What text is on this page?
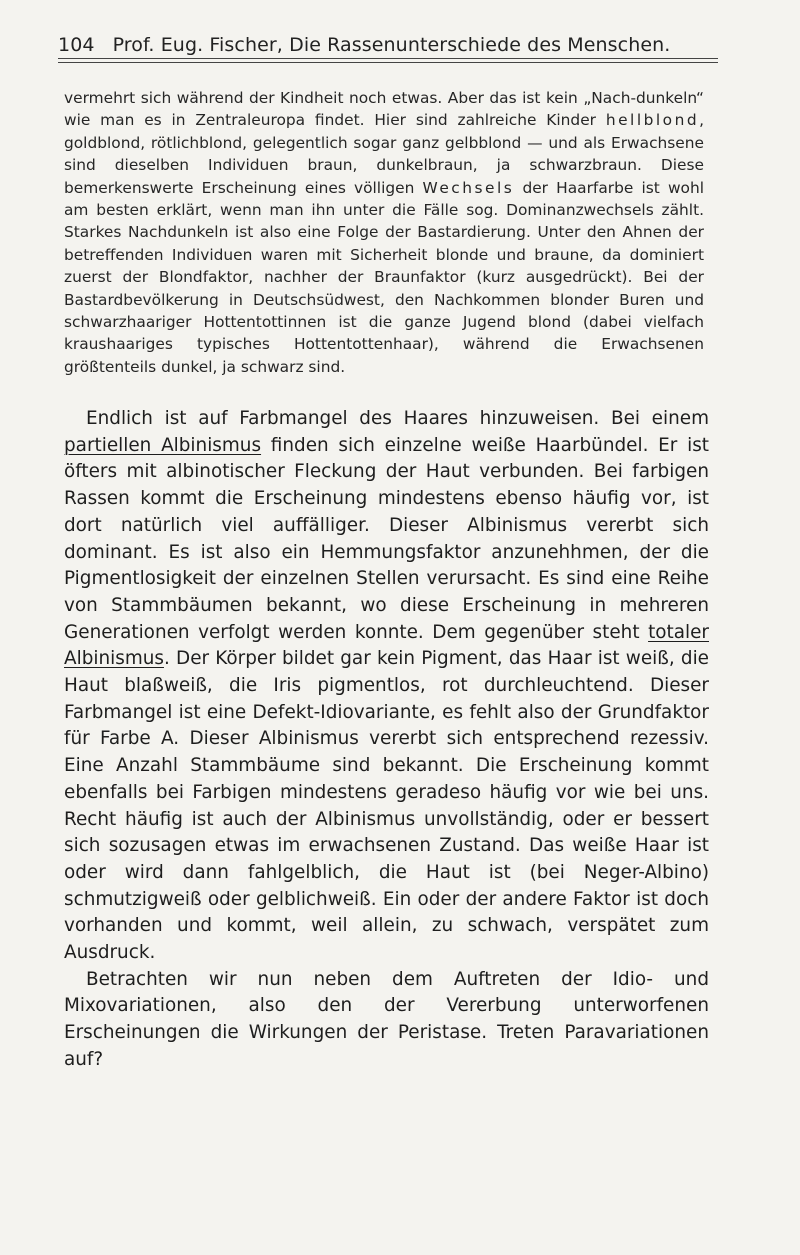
104 Prof. Eug. Fischer, Die Rassenunterschiede des Menschen.

vermehrt sich während der Kindheit noch etwas. Aber das ist kein „Nach-dunkeln“ wie man es in Zentraleuropa findet. Hier sind zahlreiche Kinder hellblond, goldblond, rötlichblond, gelegentlich sogar ganz gelbblond — und als Erwachsene sind dieselben Individuen braun, dunkelbraun, ja schwarzbraun. Diese bemerkenswerte Erscheinung eines völligen Wechsels der Haarfarbe ist wohl am besten erklärt, wenn man ihn unter die Fälle sog. Dominanzwechsels zählt. Starkes Nachdunkeln ist also eine Folge der Bastardierung. Unter den Ahnen der betreffenden Individuen waren mit Sicherheit blonde und braune, da dominiert zuerst der Blondfaktor, nachher der Braunfaktor (kurz ausgedrückt). Bei der Bastardbevölkerung in Deutschsüdwest, den Nachkommen blonder Buren und schwarzhaariger Hottentottinnen ist die ganze Jugend blond (dabei vielfach kraushaariges typisches Hottentottenhaar), während die Erwachsenen größtenteils dunkel, ja schwarz sind.

Endlich ist auf Farbmangel des Haares hinzuweisen. Bei einem partiellen Albinismus finden sich einzelne weiße Haarbündel. Er ist öfters mit albinotischer Fleckung der Haut verbunden. Bei farbigen Rassen kommt die Erscheinung mindestens ebenso häufig vor, ist dort natürlich viel auffälliger. Dieser Albinismus vererbt sich dominant. Es ist also ein Hemmungsfaktor anzunehhmen, der die Pigmentlosigkeit der einzelnen Stellen verursacht. Es sind eine Reihe von Stammbäumen bekannt, wo diese Erscheinung in mehreren Generationen verfolgt werden konnte. Dem gegenüber steht totaler Albinismus. Der Körper bildet gar kein Pigment, das Haar ist weiß, die Haut blaßweiß, die Iris pigmentlos, rot durchleuchtend. Dieser Farbmangel ist eine Defekt-Idiovariante, es fehlt also der Grundfaktor für Farbe A. Dieser Albinismus vererbt sich entsprechend rezessiv. Eine Anzahl Stammbäume sind bekannt. Die Erscheinung kommt ebenfalls bei Farbigen mindestens geradeso häufig vor wie bei uns. Recht häufig ist auch der Albinismus unvollständig, oder er bessert sich sozusagen etwas im erwachsenen Zustand. Das weiße Haar ist oder wird dann fahlgelblich, die Haut ist (bei Neger-Albino) schmutzigweiß oder gelblichweiß. Ein oder der andere Faktor ist doch vorhanden und kommt, weil allein, zu schwach, verspätet zum Ausdruck.

Betrachten wir nun neben dem Auftreten der Idio- und Mixovariationen, also den der Vererbung unterworfenen Erscheinungen die Wirkungen der Peristase. Treten Paravariationen auf?
